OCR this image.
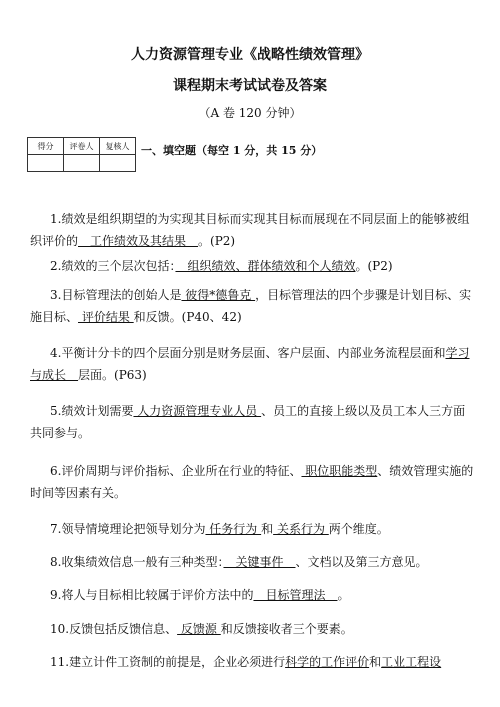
人力资源管理专业《战略性绩效管理》
课程期末考试试卷及答案
（A 卷 120 分钟）
得分	评卷人	复核人
		一、填空题（每空 1 分，共 15 分）
1.绩效是组织期望的为实现其目标而实现其目标而展现在不同层面上的能够被组织评价的　工作绩效及其结果　。(P2)
2.绩效的三个层次包括：　组织绩效、群体绩效和个人绩效。(P2)
3.目标管理法的创始人是 彼得*德鲁克 ，目标管理法的四个步骤是计划目标、实施目标、 评价结果 和反馈。(P40、42)
4.平衡计分卡的四个层面分别是财务层面、客户层面、内部业务流程层面和学习与成长　层面。(P63)
5.绩效计划需要 人力资源管理专业人员 、员工的直接上级以及员工本人三方面共同参与。
6.评价周期与评价指标、企业所在行业的特征、 职位职能类型、绩效管理实施的时间等因素有关。
7.领导情境理论把领导划分为 任务行为 和 关系行为 两个维度。
8.收集绩效信息一般有三种类型：　关键事件　、文档以及第三方意见。
9.将人与目标相比较属于评价方法中的　目标管理法　。
10.反馈包括反馈信息、 反馈源 和反馈接收者三个要素。
11.建立计件工资制的前提是，企业必须进行科学的工作评价和工业工程设
